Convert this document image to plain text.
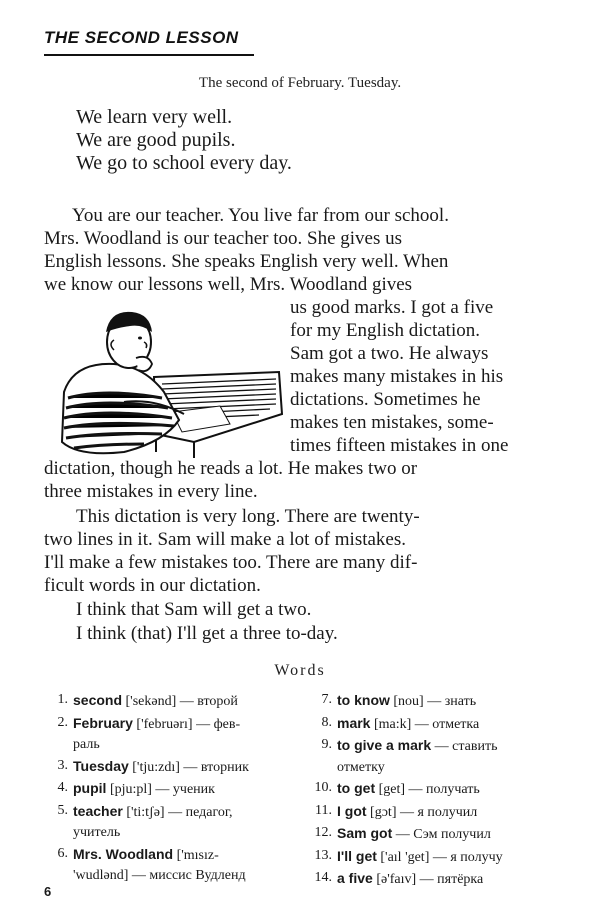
THE SECOND LESSON
The second of February. Tuesday.
We learn very well.
We are good pupils.
We go to school every day.
You are our teacher. You live far from our school.
Mrs. Woodland is our teacher too. She gives us
English lessons. She speaks English very well. When
we know our lessons well, Mrs. Woodland gives
us good marks. I got a five
for my English dictation.
Sam got a two. He always
makes many mistakes in his
dictations. Sometimes he
makes ten mistakes, some-
times fifteen mistakes in one
dictation, though he reads a lot. He makes two or
three mistakes in every line.
This dictation is very long. There are twenty-
two lines in it. Sam will make a lot of mistakes.
I'll make a few mistakes too. There are many dif-
ficult words in our dictation.
I think that Sam will get a two.
I think (that) I'll get a three to-day.
Words
1. second ['sekənd] — второй
2. February ['februərı] — фев-
раль
3. Tuesday ['tju:zdı] — вторник
4. pupil [pju:pl] — ученик
5. teacher ['ti:tʃə] — педагог,
учитель
6. Mrs. Woodland ['mısız-
'wudlənd] — миссис Вудленд
7. to know [nou] — знать
8. mark [ma:k] — отметка
9. to give a mark — ставить
отметку
10. to get [get] — получать
11. I got [gɔt] — я получил
12. Sam got — Сэм получил
13. I'll get ['aıl 'get] — я получу
14. a five [ə'faıv] — пятёрка
6
